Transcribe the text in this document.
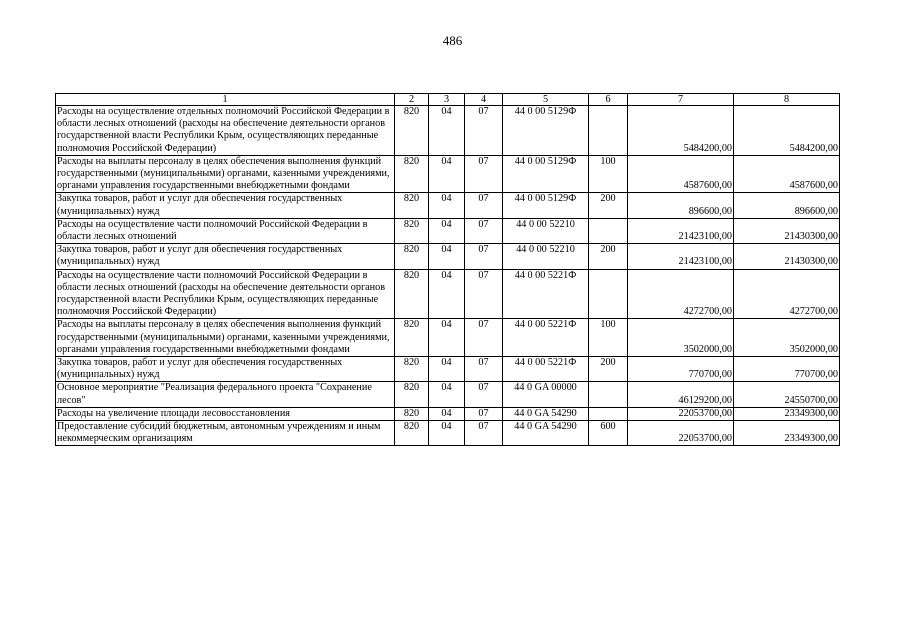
486
1	2	3	4	5	6	7	8
Расходы на осуществление отдельных полномочий Российской Федерации в области лесных отношений (расходы на обеспечение деятельности органов государственной власти Республики Крым, осуществляющих переданные полномочия Российской Федерации)	820	04	07	44 0 00 5129Ф		5484200,00	5484200,00
Расходы на выплаты персоналу в целях обеспечения выполнения функций государственными (муниципальными) органами, казенными учреждениями, органами управления государственными внебюджетными фондами	820	04	07	44 0 00 5129Ф	100	4587600,00	4587600,00
Закупка товаров, работ и услуг для обеспечения государственных (муниципальных) нужд	820	04	07	44 0 00 5129Ф	200	896600,00	896600,00
Расходы на осуществление части полномочий Российской Федерации в области лесных отношений	820	04	07	44 0 00 52210		21423100,00	21430300,00
Закупка товаров, работ и услуг для обеспечения государственных (муниципальных) нужд	820	04	07	44 0 00 52210	200	21423100,00	21430300,00
Расходы на осуществление части полномочий Российской Федерации в области лесных отношений (расходы на обеспечение деятельности органов государственной власти Республики Крым, осуществляющих переданные полномочия Российской Федерации)	820	04	07	44 0 00 5221Ф		4272700,00	4272700,00
Расходы на выплаты персоналу в целях обеспечения выполнения функций государственными (муниципальными) органами, казенными учреждениями, органами управления государственными внебюджетными фондами	820	04	07	44 0 00 5221Ф	100	3502000,00	3502000,00
Закупка товаров, работ и услуг для обеспечения государственных (муниципальных) нужд	820	04	07	44 0 00 5221Ф	200	770700,00	770700,00
Основное мероприятие "Реализация федерального проекта "Сохранение лесов"	820	04	07	44 0 GA 00000		46129200,00	24550700,00
Расходы на увеличение площади лесовосстановления	820	04	07	44 0 GA 54290		22053700,00	23349300,00
Предоставление субсидий бюджетным, автономным учреждениям и иным некоммерческим организациям	820	04	07	44 0 GA 54290	600	22053700,00	23349300,00
